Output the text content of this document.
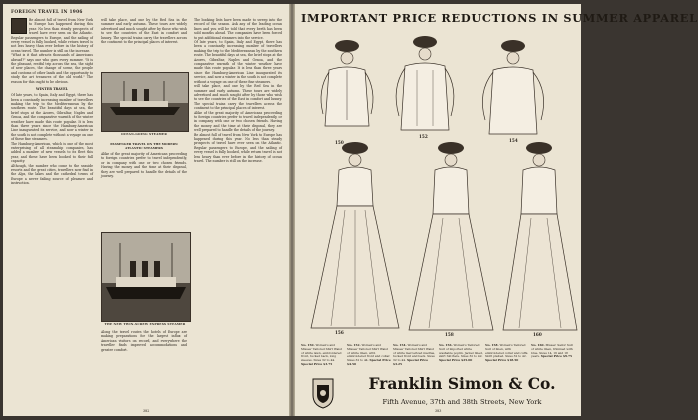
FOREIGN TRAVEL IN 1906

Be almost full of travel from New York to Europe has happened during this year. No less than steady prospects of travel have ever seen on the Atlantic. Regular passengers to Europe, and the sailing of every vessel is fully booked, while return travel is not less heavy than ever before in the history of ocean travel. The number is still on the increase.

"What is it that attracts thousands of Americans abroad?" says one who goes every summer. "It is the pleasant, restful trip across the sea, the sight of new places, the change of scene, the people and customs of other lands and the opportunity to study the art treasures of the old world." The reason for this ought to be obvious.

WINTER TRAVEL

Of late years, to Spain, Italy and Egypt, there has been a constantly increasing number of travellers making the trip to the Mediterranean by the southern route. The beautiful days at sea, the brief stops at the Azores, Gibraltar, Naples and Genoa, and the comparative warmth of the winter weather have made this route popular. It is less than three years since the Hamburg-American Line inaugurated its service, and now a winter in the south is not complete without a voyage on one of these fine steamers.

The Hamburg-American, which is one of the most enterprising of all steamship companies, has added a number of new vessels to its fleet this year, and these have been booked to their full capacity.

Although, the number who come to the seaside resorts and the great cities, travellers now find in the Alps, the lakes and the cathedral towns of Europe a never failing source of pleasure and instruction.

will take place, and one by the Red Sea in the summer and early autumn. These tours are widely advertised and much sought after by those who wish to see the countries of the East in comfort and luxury. The special trains carry the travellers across the continent to the principal places of interest.

OCEAN-GOING STEAMER
PASSENGER TRAVEL ON THE MODERN ATLANTIC STEAMERS

Alike of the great majority of Americans proceeding to foreign countries prefer to travel independently, or in company with one or two chosen friends. Having the money and the time at their disposal, they are well prepared to handle the details of the journey.

THE NEW TWIN-SCREW EXPRESS STEAMER

Along the travel routes the hotels of Europe are making preparations for the largest influx of American visitors on record, and everywhere the traveller finds improved accommodations and greater comfort.

The booking lists have been made to sweep into the record of the season. Ask any of the leading ocean lines and you will be told that every berth has been sold months ahead. The companies have been forced to put additional steamers into the service.

Of late years, to Spain, Italy and Egypt, there has been a constantly increasing number of travellers making the trip to the Mediterranean by the southern route. The beautiful days at sea, the brief stops at the Azores, Gibraltar, Naples and Genoa, and the comparative warmth of the winter weather have made this route popular. It is less than three years since the Hamburg-American Line inaugurated its service, and now a winter in the south is not complete without a voyage on one of these fine steamers.

will take place, and one by the Red Sea in the summer and early autumn. These tours are widely advertised and much sought after by those who wish to see the countries of the East in comfort and luxury. The special trains carry the travellers across the continent to the principal places of interest.

Alike of the great majority of Americans proceeding to foreign countries prefer to travel independently, or in company with one or two chosen friends. Having the money and the time at their disposal, they are well prepared to handle the details of the journey.

Be almost full of travel from New York to Europe has happened during this year. No less than steady prospects of travel have ever seen on the Atlantic. Regular passengers to Europe, and the sailing of every vessel is fully booked, while return travel is not less heavy than ever before in the history of ocean travel. The number is still on the increase.

382
IMPORTANT PRICE REDUCTIONS IN SUMMER APPAREL
150
152
154
156	158	160
No. 150. Women's and Misses' Tailored Shirt Waist of white lawn, embroidered front, tucked back, long sleeves. Sizes 32 to 44. Special Price $3.75
No. 152. Women's and Misses' Tailored Shirt Waist of white linen, with embroidered front and collar. Sizes 32 to 44. Special Price $4.50
No. 154. Women's and Misses' Tailored Shirt Waist of white mercerized madras, tucked front and back. Sizes 32 to 44. Special Price $3.25
No. 156. Women's Tailored Suit of imported white washable poplin. Jacket lined, skirt full flare. Sizes 32 to 42. Special Price $25.00
No. 158. Women's Tailored Suit of linen, with embroidered collar and cuffs. Skirt plaited. Sizes 32 to 42. Special Price $18.50
No. 160. Misses' Sailor Suit of white linen, trimmed with blue. Sizes 14, 16 and 18 years. Special Price $9.75
Franklin Simon & Co.
Fifth Avenue, 37th and 38th Streets, New York
383
